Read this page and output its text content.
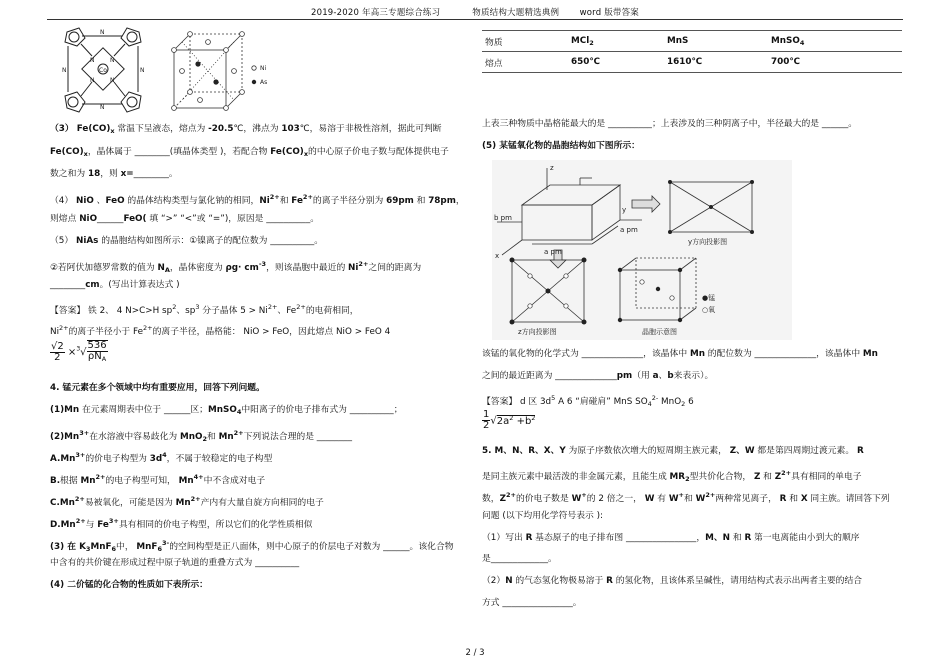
2019-2020 年高三专题综合练习	物质结构大题精选典例 word 版带答案
N
N
N	N
N	N
N	N
Co	Ni
As
（3） $Fe(CO)_x$ 常温下呈液态，熔点为 -20.5℃，沸点为 103℃，易溶于非极性溶剂，据此可判断
$Fe(CO)_x$，晶体属于 ________(填晶体类型 )，若配合物 $Fe(CO)_x$的中心原子价电子数与配体提供电子
数之和为 18，则 x=________。
（4） NiO 、FeO 的晶体结构类型与氯化钠的相同，$Ni^{2+}$和 $Fe^{2+}$的离子半径分别为 69pm 和 78pm，
则熔点 NiO______FeO( 填 “>” “<”或 “=”)，原因是 __________。
（5） NiAs 的晶胞结构如图所示：①镍离子的配位数为 __________。
②若阿伏加德罗常数的值为 $N_A$，晶体密度为 $\rho g\cdot cm^{-3}$，则该晶胞中最近的 $Ni^{2+}$之间的距离为
________cm。(写出计算表达式 )
【答案】 铁 2、 4 N>C>H $sp^2$、$sp^3$ 分子晶体 $5 > Ni^{2+}$、$Fe^{2+}$的电荷相同，
$Ni^{2+}$的离子半径小于 $Fe^{2+}$的离子半径，晶格能： NiO > FeO，因此熔点 NiO > FeO 4
$\frac{√2}{2} \times^3√ \frac{536}{\rho N_A}$
4. 锰元素在多个领域中均有重要应用，回答下列问题。
(1)Mn 在元素周期表中位于 ______区；MnSO$_4$中阳离子的价电子排布式为 __________；
$(2)Mn^{3+}$在水溶液中容易歧化为 MnO$_2$和 $Mn^{2+}$下列说法合理的是 ________
$A.Mn^{3+}$的价电子构型为 $3d^4$，不属于较稳定的电子构型
B.根据 $Mn^{2+}$的电子构型可知， $Mn^{4+}$中不含成对电子
$C.Mn^{2+}$易被氧化，可能是因为 $Mn^{2+}$产内有大量自旋方向相同的电子
$D.Mn^{2+}$与 $Fe^{3+}$具有相同的价电子构型，所以它们的化学性质相似
(3) 在 $K_3MnF_6$中， MnF$_6^{3-}$的空间构型是正八面体，则中心原子的价层电子对数为 ______。该化合物
中含有的共价键在形成过程中原子轨道的重叠方式为 __________
(4) 二价锰的化合物的性质如下表所示：
物质	MCl$_2$	MnS	MnSO$_4$
熔点	650℃	1610℃	700℃
上表三种物质中晶格能最大的是 __________；上表涉及的三种阴离子中，半径最大的是 ______。
(5) 某锰氧化物的晶胞结构如下图所示：
z
b pm
a pm
a pm
x
y
y方向投影图
z方向投影图	晶胞示意图
●锰
○氧
该锰的氧化物的化学式为 ______________，该晶体中 Mn 的配位数为 ______________，该晶体中 Mn
之间的最近距离为 ______________pm（用 a、b来表示）。
【答案】 d 区 $3d^5$ A 6 “肩碰肩” MnS $SO_4^{2-}$ MnO$_2$ 6
$\frac{1}{2} √2a^2 +b^2$
5. M、N、R、X、Y 为原子序数依次增大的短周期主族元素， Z、W 都是第四周期过渡元素。 R
是同主族元素中最活泼的非金属元素，且能生成 $MR_2$型共价化合物， Z 和 $Z^{2+}$具有相同的单电子
数，$Z^{2+}$的价电子数是 W+的 2 倍之一， W 有 W+和 $W^{2+}$两种常见离子， R 和 X 同主族。请回答下列
问题 (以下均用化学符号表示 ):
（1）写出 R 基态原子的电子排布图 ________________，M、N 和 R 第一电离能由小到大的顺序
是_____________。
（2）N 的气态氢化物极易溶于 R 的氢化物，且该体系呈碱性，请用结构式表示出两者主要的结合
方式 ________________。
2 / 3
